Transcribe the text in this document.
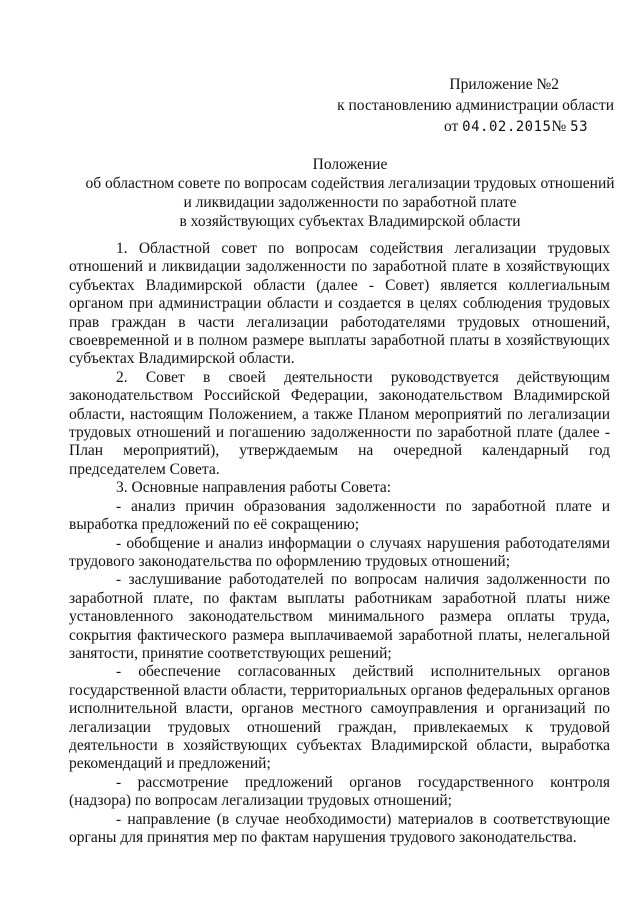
Приложение №2
к постановлению администрации области
от 04.02.2015№ 53
Положение
об областном совете по вопросам содействия легализации трудовых отношений
и ликвидации задолженности по заработной плате
в хозяйствующих субъектах Владимирской области

1. Областной совет по вопросам содействия легализации трудовых отношений и ликвидации задолженности по заработной плате в хозяйствующих субъектах Владимирской области (далее - Совет) является коллегиальным органом при администрации области и создается в целях соблюдения трудовых прав граждан в части легализации работодателями трудовых отношений, своевременной и в полном размере выплаты заработной платы в хозяйствующих субъектах Владимирской области.

2. Совет в своей деятельности руководствуется действующим законодательством Российской Федерации, законодательством Владимирской области, настоящим Положением, а также Планом мероприятий по легализации трудовых отношений и погашению задолженности по заработной плате (далее - План мероприятий), утверждаемым на очередной календарный год председателем Совета.

3. Основные направления работы Совета:

- анализ причин образования задолженности по заработной плате и выработка предложений по её сокращению;

- обобщение и анализ информации о случаях нарушения работодателями трудового законодательства по оформлению трудовых отношений;

- заслушивание работодателей по вопросам наличия задолженности по заработной плате, по фактам выплаты работникам заработной платы ниже установленного законодательством минимального размера оплаты труда, сокрытия фактического размера выплачиваемой заработной платы, нелегальной занятости, принятие соответствующих решений;

- обеспечение согласованных действий исполнительных органов государственной власти области, территориальных органов федеральных органов исполнительной власти, органов местного самоуправления и организаций по легализации трудовых отношений граждан, привлекаемых к трудовой деятельности в хозяйствующих субъектах Владимирской области, выработка рекомендаций и предложений;

- рассмотрение предложений органов государственного контроля (надзора) по вопросам легализации трудовых отношений;

- направление (в случае необходимости) материалов в соответствующие органы для принятия мер по фактам нарушения трудового законодательства.
